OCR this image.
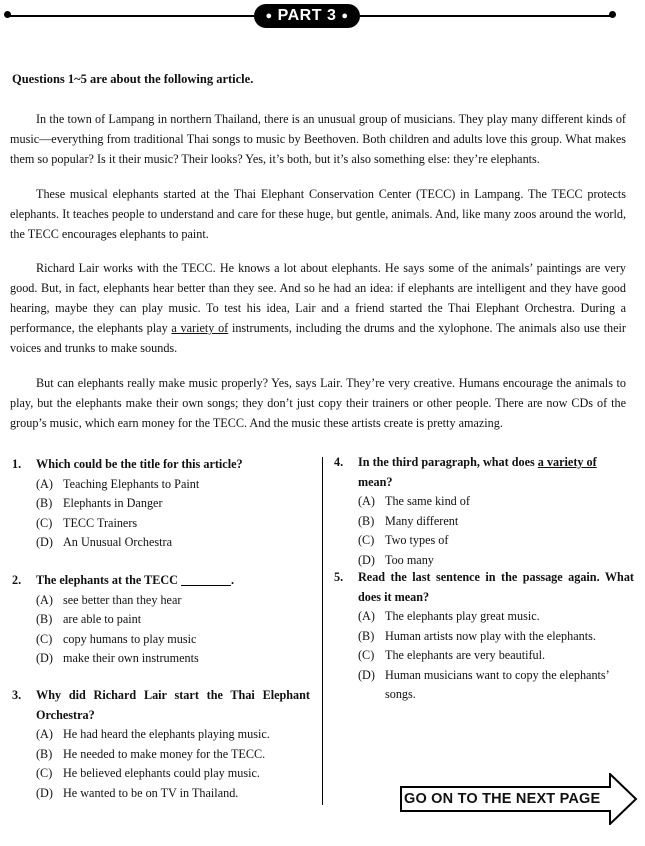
● PART 3 ●
Questions 1~5 are about the following article.

In the town of Lampang in northern Thailand, there is an unusual group of musicians. They play many different kinds of music—everything from traditional Thai songs to music by Beethoven. Both children and adults love this group. What makes them so popular? Is it their music? Their looks? Yes, it’s both, but it’s also something else: they’re elephants.

These musical elephants started at the Thai Elephant Conservation Center (TECC) in Lampang. The TECC protects elephants. It teaches people to understand and care for these huge, but gentle, animals. And, like many zoos around the world, the TECC encourages elephants to paint.

Richard Lair works with the TECC. He knows a lot about elephants. He says some of the animals’ paintings are very good. But, in fact, elephants hear better than they see. And so he had an idea: if elephants are intelligent and they have good hearing, maybe they can play music. To test his idea, Lair and a friend started the Thai Elephant Orchestra. During a performance, the elephants play a variety of instruments, including the drums and the xylophone. The animals also use their voices and trunks to make sounds.

But can elephants really make music properly? Yes, says Lair. They’re very creative. Humans encourage the animals to play, but the elephants make their own songs; they don’t just copy their trainers or other people. There are now CDs of the group’s music, which earn money for the TECC. And the music these artists create is pretty amazing.

1. Which could be the title for this article?
(A) Teaching Elephants to Paint
(B) Elephants in Danger
(C) TECC Trainers
(D) An Unusual Orchestra
2. The elephants at the TECC	.
(A) see better than they hear
(B) are able to paint
(C) copy humans to play music
(D) make their own instruments
3. Why did Richard Lair start the Thai Elephant Orchestra?
(A) He had heard the elephants playing music.
(B) He needed to make money for the TECC.
(C) He believed elephants could play music.
(D) He wanted to be on TV in Thailand.
4. In the third paragraph, what does a variety of mean?
(A) The same kind of
(B) Many different
(C) Two types of
(D) Too many
5. Read the last sentence in the passage again. What does it mean?
(A) The elephants play great music.
(B) Human artists now play with the elephants.
(C) The elephants are very beautiful.
(D) Human musicians want to copy the elephants’ songs.
GO ON TO THE NEXT PAGE
